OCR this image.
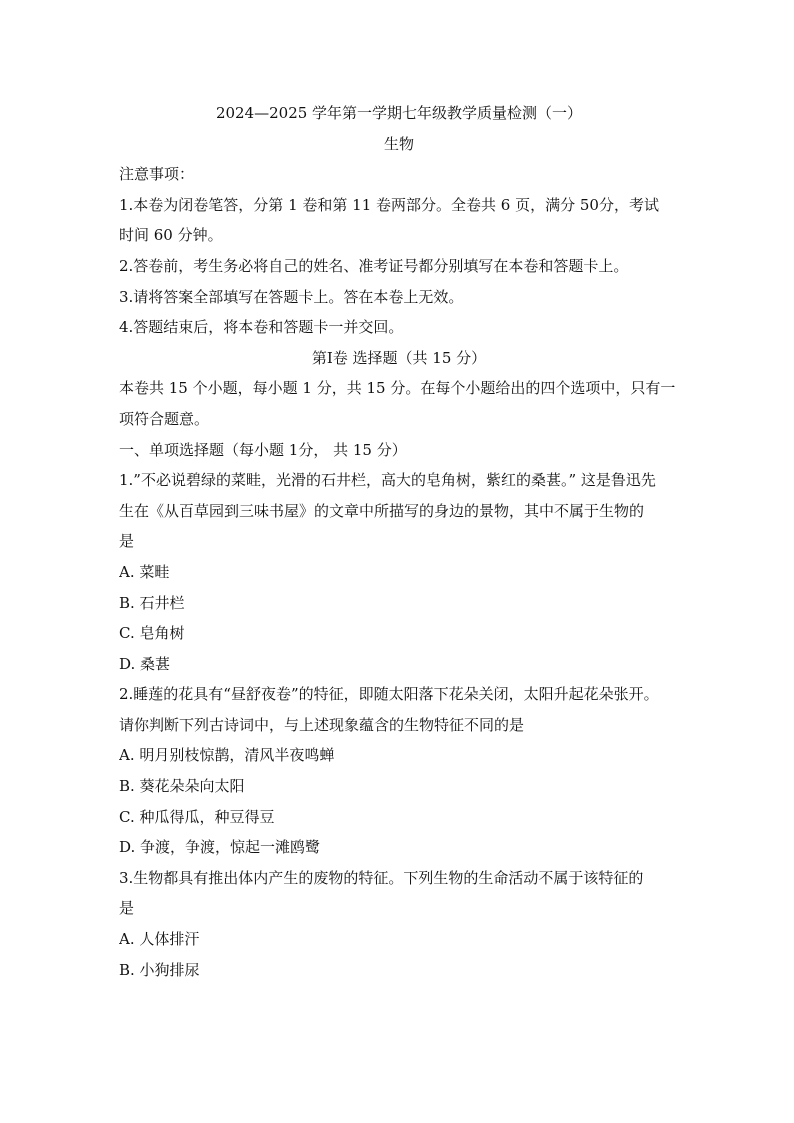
2024—2025 学年第一学期七年级教学质量检测（一）
生物
注意事项：
1.本卷为闭卷笔答，分第 1 卷和第 11 卷两部分。全卷共 6 页，满分 50分，考试
时间 60 分钟。
2.答卷前，考生务必将自己的姓名、准考证号都分别填写在本卷和答题卡上。
3.请将答案全部填写在答题卡上。答在本卷上无效。
4.答题结束后，将本卷和答题卡一并交回。
第Ⅰ卷 选择题（共 15 分）
本卷共 15 个小题，每小题 1 分，共 15 分。在每个小题给出的四个选项中，只有一
项符合题意。
一、单项选择题（每小题 1分， 共 15 分）
1.”不必说碧绿的菜畦，光滑的石井栏，高大的皂角树，紫红的桑葚。” 这是鲁迅先
生在《从百草园到三味书屋》的文章中所描写的身边的景物，其中不属于生物的
是
A. 菜畦
B. 石井栏
C. 皂角树
D. 桑葚
2.睡莲的花具有“昼舒夜卷”的特征，即随太阳落下花朵关闭，太阳升起花朵张开。
请你判断下列古诗词中，与上述现象蕴含的生物特征不同的是
A. 明月别枝惊鹊，清风半夜鸣蝉
B. 葵花朵朵向太阳
C. 种瓜得瓜，种豆得豆
D. 争渡，争渡，惊起一滩鸥鹭
3.生物都具有推出体内产生的废物的特征。下列生物的生命活动不属于该特征的
是
A. 人体排汗
B. 小狗排尿
